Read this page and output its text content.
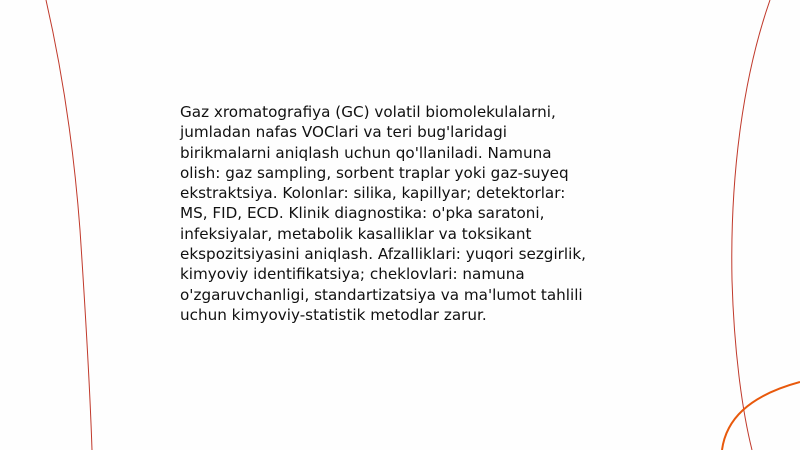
Gaz xromatografiya (GC) volatil biomolekulalarni,
jumladan nafas VOClari va teri bug'laridagi
birikmalarni aniqlash uchun qo'llaniladi. Namuna
olish: gaz sampling, sorbent traplar yoki gaz-suyeq
ekstraktsiya. Kolonlar: silika, kapillyar; detektorlar:
MS, FID, ECD. Klinik diagnostika: o'pka saratoni,
infeksiyalar, metabolik kasalliklar va toksikant
ekspozitsiyasini aniqlash. Afzalliklari: yuqori sezgirlik,
kimyoviy identifikatsiya; cheklovlari: namuna
o'zgaruvchanligi, standartizatsiya va ma'lumot tahlili
uchun kimyoviy-statistik metodlar zarur.
